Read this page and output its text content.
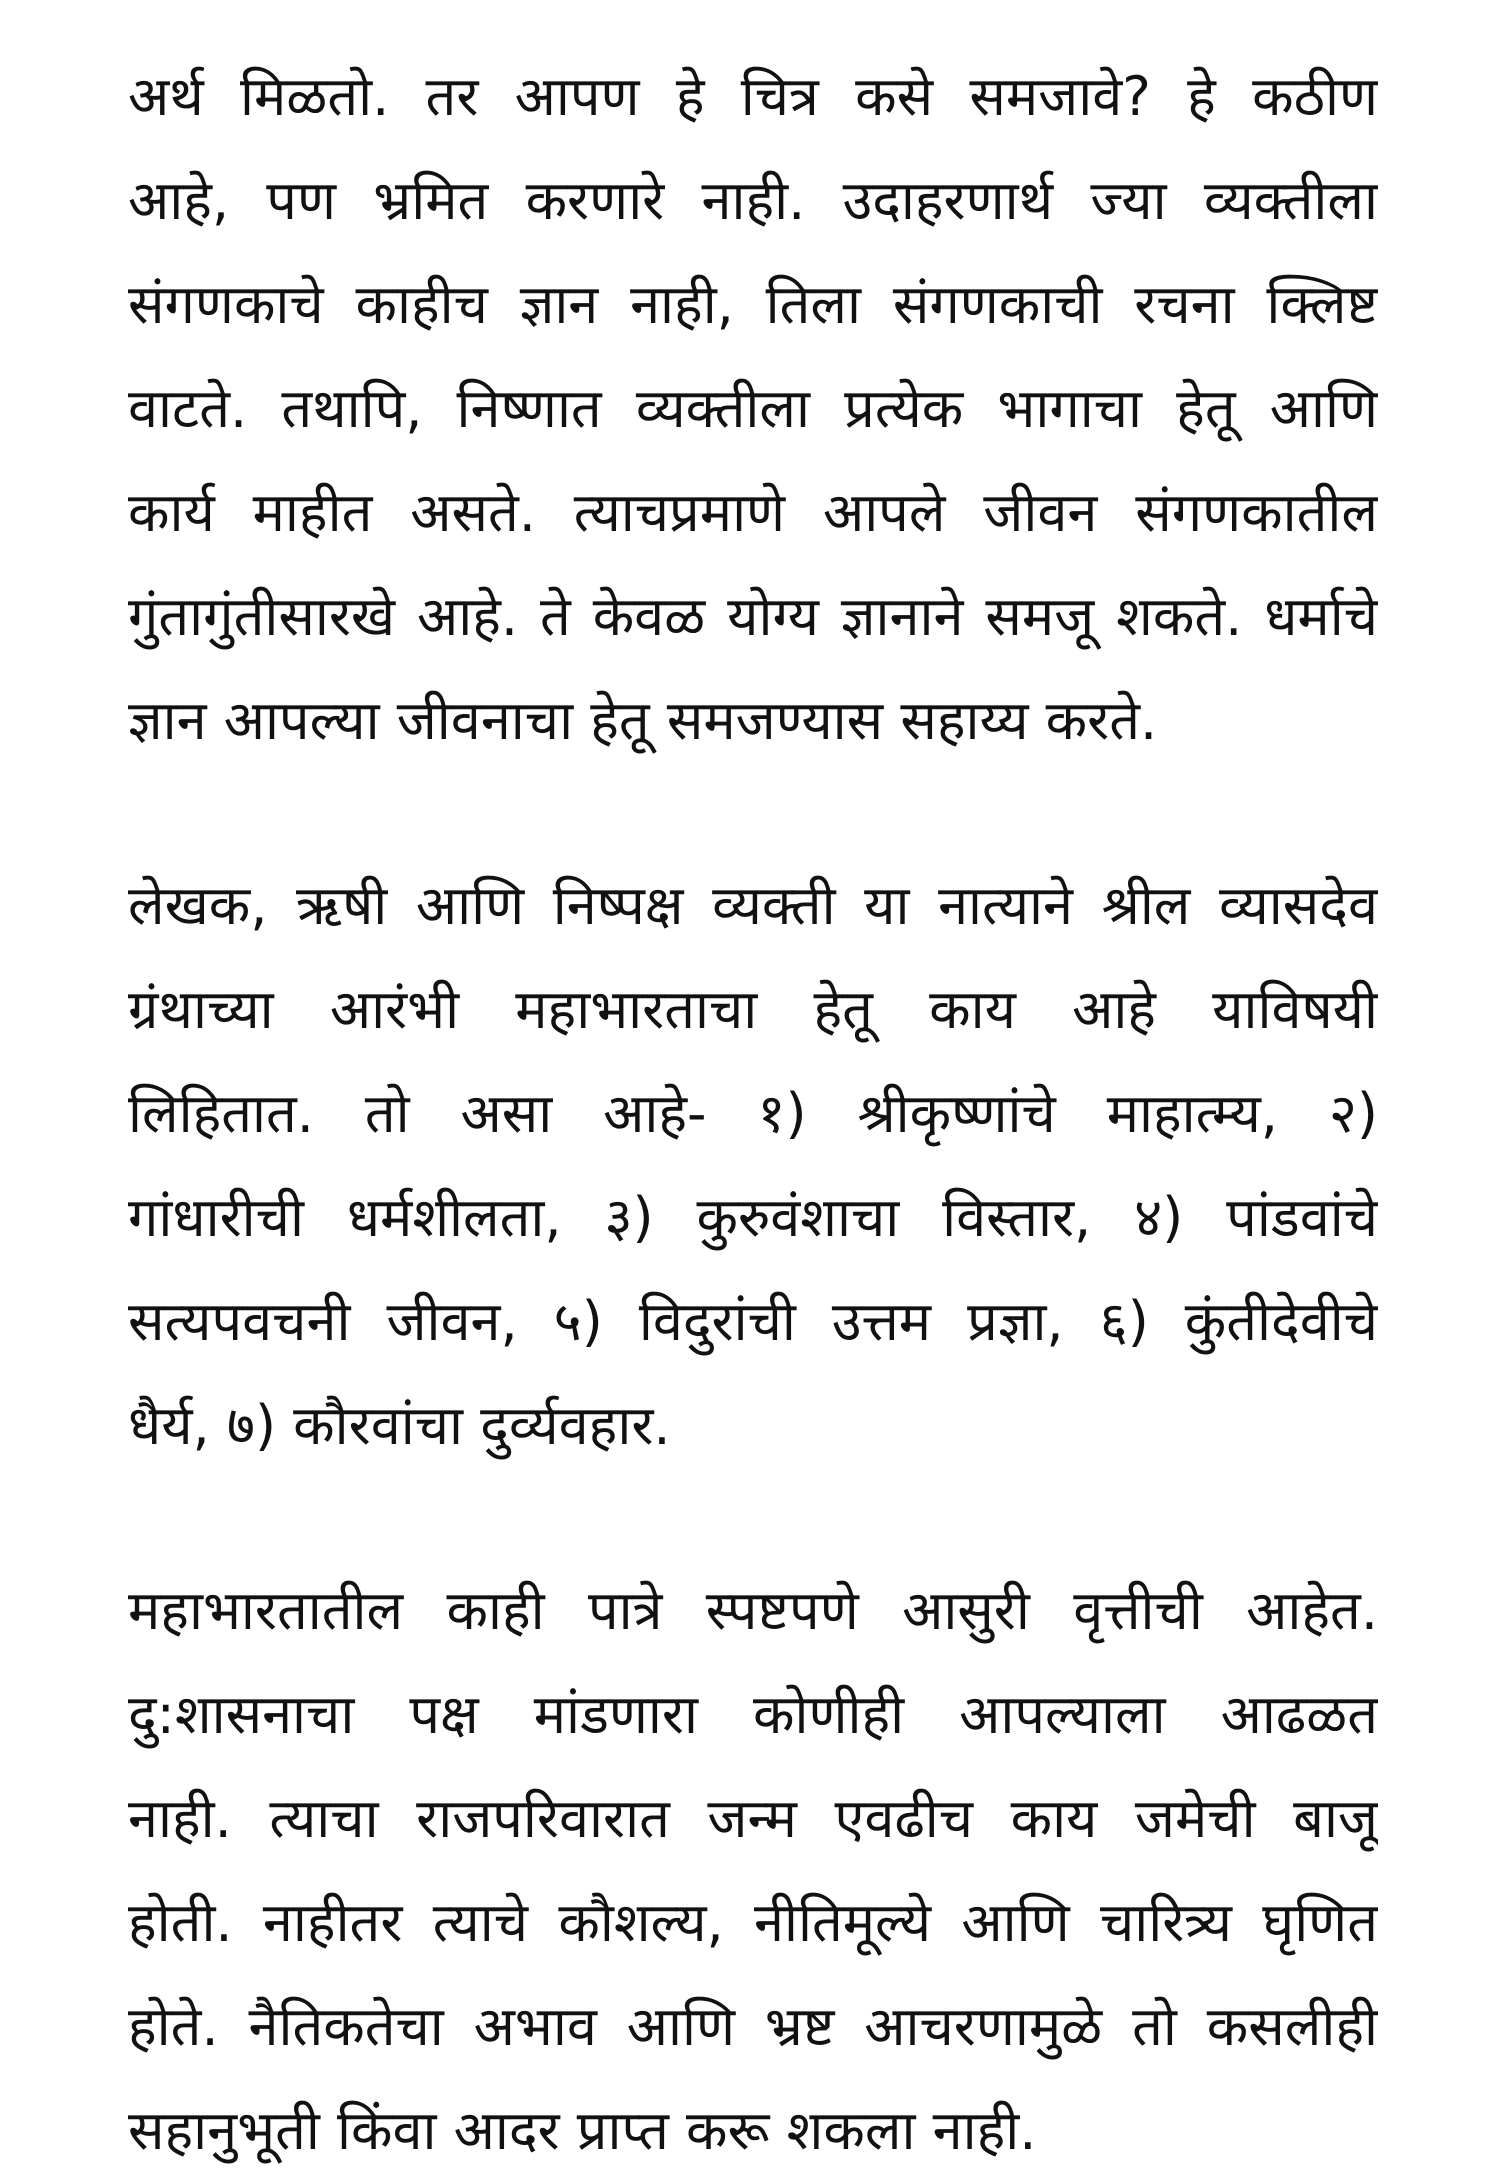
अर्थ मिळतो. तर आपण हे चित्र कसे समजावे? हे कठीण
आहे, पण भ्रमित करणारे नाही. उदाहरणार्थ ज्या व्यक्तीला
संगणकाचे काहीच ज्ञान नाही, तिला संगणकाची रचना क्लिष्ट
वाटते. तथापि, निष्णात व्यक्तीला प्रत्येक भागाचा हेतू आणि
कार्य माहीत असते. त्याचप्रमाणे आपले जीवन संगणकातील
गुंतागुंतीसारखे आहे. ते केवळ योग्य ज्ञानाने समजू शकते. धर्माचे
ज्ञान आपल्या जीवनाचा हेतू समजण्यास सहाय्य करते.
लेखक, ऋषी आणि निष्पक्ष व्यक्ती या नात्याने श्रील व्यासदेव
ग्रंथाच्या आरंभी महाभारताचा हेतू काय आहे याविषयी
लिहितात. तो असा आहे- १) श्रीकृष्णांचे माहात्म्य, २)
गांधारीची धर्मशीलता, ३) कुरुवंशाचा विस्तार, ४) पांडवांचे
सत्यपवचनी जीवन, ५) विदुरांची उत्तम प्रज्ञा, ६) कुंतीदेवीचे
धैर्य, ७) कौरवांचा दुर्व्यवहार.
महाभारतातील काही पात्रे स्पष्टपणे आसुरी वृत्तीची आहेत.
दु:शासनाचा पक्ष मांडणारा कोणीही आपल्याला आढळत
नाही. त्याचा राजपरिवारात जन्म एवढीच काय जमेची बाजू
होती. नाहीतर त्याचे कौशल्य, नीतिमूल्ये आणि चारित्र्य घृणित
होते. नैतिकतेचा अभाव आणि भ्रष्ट आचरणामुळे तो कसलीही
सहानुभूती किंवा आदर प्राप्त करू शकला नाही.
